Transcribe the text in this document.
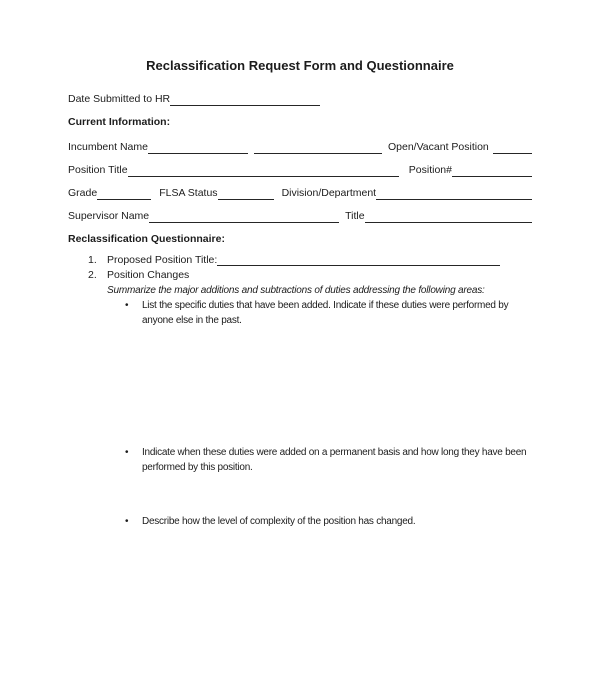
Reclassification Request Form and Questionnaire
Date Submitted to HR
Current Information:
Incumbent Name	Open/Vacant Position
Position Title	Position#
Grade	FLSA Status	Division/Department
Supervisor Name	Title
Reclassification Questionnaire:
1. Proposed Position Title:
2. Position Changes
Summarize the major additions and subtractions of duties addressing the following areas:
•	List the specific duties that have been added. Indicate if these duties were performed by anyone else in the past.
•	Indicate when these duties were added on a permanent basis and how long they have been performed by this position.
•	Describe how the level of complexity of the position has changed.
